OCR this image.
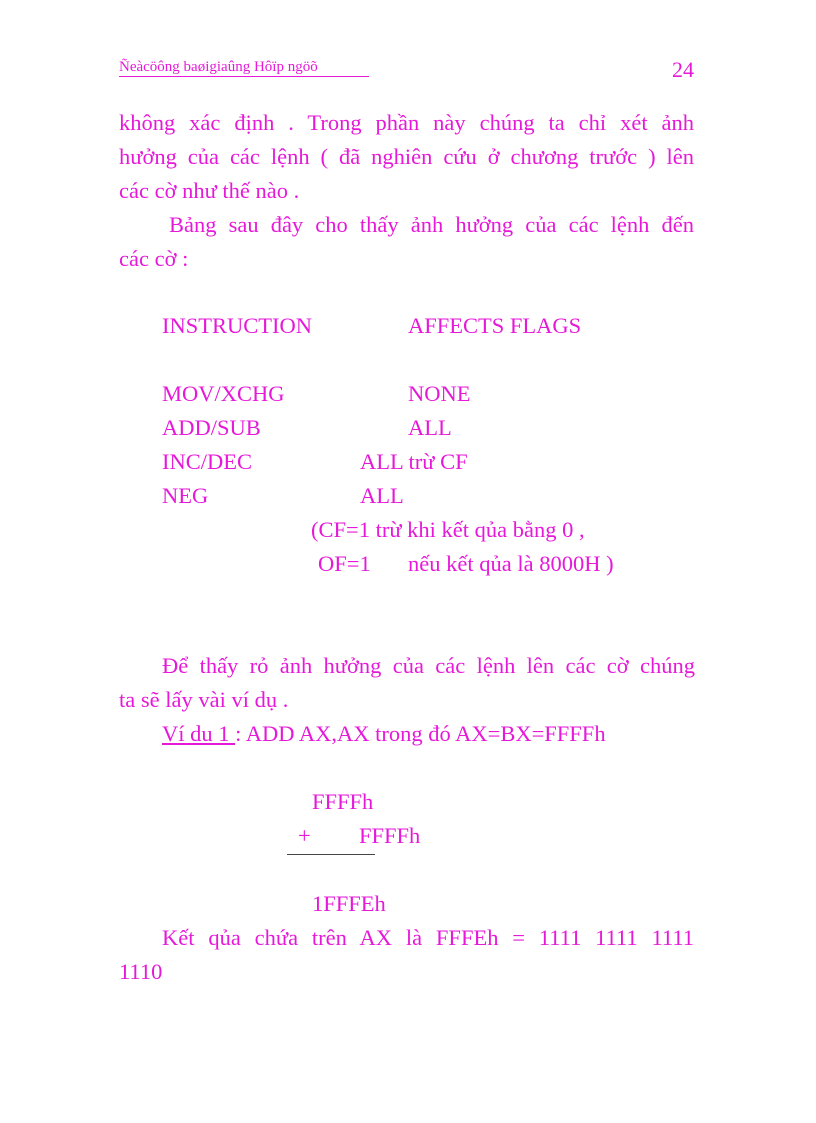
Ñeàcöông baøigiaûng Hôïp ngöõ	24
không xác định . Trong phần này chúng ta chỉ xét ảnh
hưởng của các lệnh ( đã nghiên cứu ở chương trước ) lên
các cờ như thế nào .
Bảng sau đây cho thấy ảnh hưởng của các lệnh đến
các cờ :
INSTRUCTION	AFFECTS FLAGS
MOV/XCHG	NONE
ADD/SUB	ALL
INC/DEC	ALL trừ CF
NEG	ALL
(CF=1 trừ khi kết qủa bằng 0 ,
OF=1 nếu kết qủa là 8000H )
Để thấy rỏ ảnh hưởng của các lệnh lên các cờ chúng
ta sẽ lấy vài ví dụ .
Ví du 1 : ADD AX,AX trong đó AX=BX=FFFFh
FFFFh
+ FFFFh
1FFFEh
Kết qủa chứa trên AX là FFFEh = 1111 1111 1111
1110
